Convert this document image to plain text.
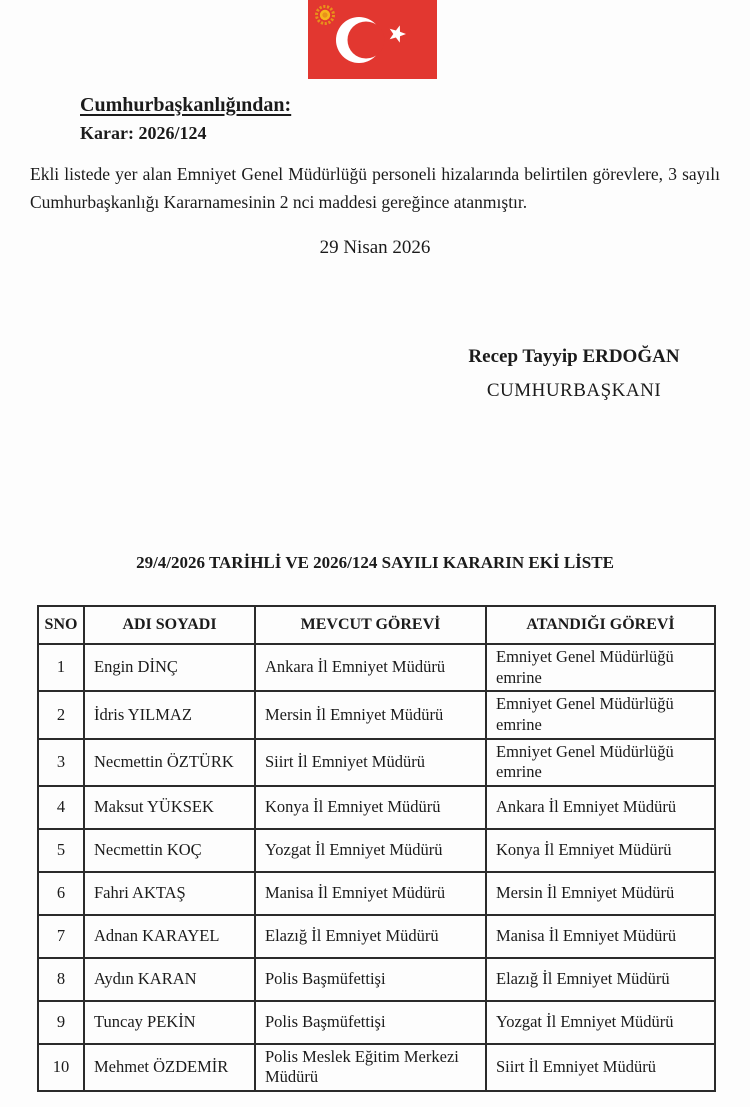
Cumhurbaşkanlığından:
Karar: 2026/124

Ekli listede yer alan Emniyet Genel Müdürlüğü personeli hizalarında belirtilen görevlere, 3 sayılı Cumhurbaşkanlığı Kararnamesinin 2 nci maddesi gereğince atanmıştır.

29 Nisan 2026
Recep Tayyip ERDOĞAN
CUMHURBAŞKANI
29/4/2026 TARİHLİ VE 2026/124 SAYILI KARARIN EKİ LİSTE
SNO	ADI SOYADI	MEVCUT GÖREVİ	ATANDIĞI GÖREVİ
1	Engin DİNÇ	Ankara İl Emniyet Müdürü	Emniyet Genel Müdürlüğü emrine
2	İdris YILMAZ	Mersin İl Emniyet Müdürü	Emniyet Genel Müdürlüğü emrine
3	Necmettin ÖZTÜRK	Siirt İl Emniyet Müdürü	Emniyet Genel Müdürlüğü emrine
4	Maksut YÜKSEK	Konya İl Emniyet Müdürü	Ankara İl Emniyet Müdürü
5	Necmettin KOÇ	Yozgat İl Emniyet Müdürü	Konya İl Emniyet Müdürü
6	Fahri AKTAŞ	Manisa İl Emniyet Müdürü	Mersin İl Emniyet Müdürü
7	Adnan KARAYEL	Elazığ İl Emniyet Müdürü	Manisa İl Emniyet Müdürü
8	Aydın KARAN	Polis Başmüfettişi	Elazığ İl Emniyet Müdürü
9	Tuncay PEKİN	Polis Başmüfettişi	Yozgat İl Emniyet Müdürü
10	Mehmet ÖZDEMİR	Polis Meslek Eğitim Merkezi Müdürü	Siirt İl Emniyet Müdürü
